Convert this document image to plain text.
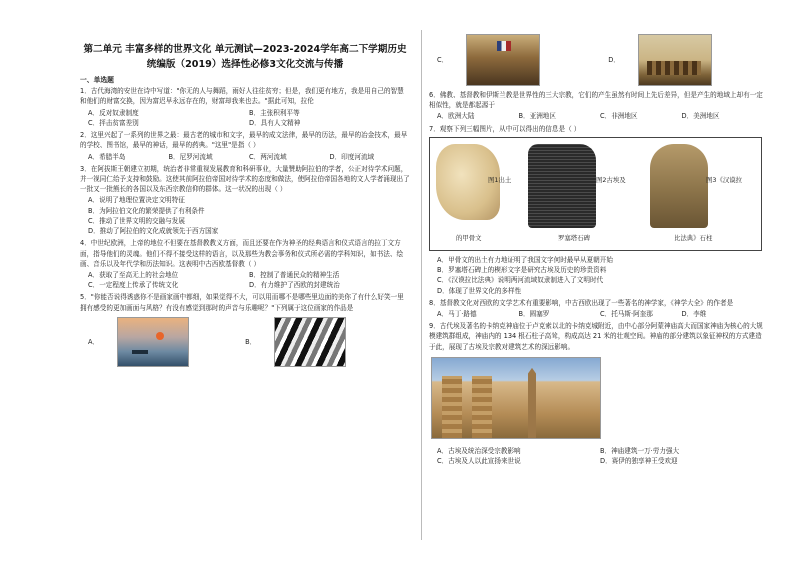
第二单元 丰富多样的世界文化 单元测试—2023-2024学年高二下学期历史
统编版（2019）选择性必修3文化交流与传播
一、单选题
1．古代海湾的安世在诗中写道："你无的人与舞蹈，雨好人往往贫穷；但是，我们更有地方，我是用自己的智慧和他们的财富交换，因为富迟早永远存在的，财富却我来也去。"据此可知，拉伦
A．反对奴隶制度	B．主张积利平等
C．抨击贫富差别	D．具有人文精神
2．这里兴起了一系列的世界之最：最古老的城市和文字，最早的成文法律，最早的历法，最早的冶金技术，最早的学校、图书馆，最早的神话，最早的药典。"这里"是指（ ）
A．希腊半岛	B．尼罗河流域	C．两河流域	D．印度河流域
3．在阿拔斯王朝建立初期，统治者非常重视发展教育和科研事业，大量赞助阿拉伯的学者，公正对待学术问题，并一视同仁给予支持和鼓励。这使其前阿拉伯帝国对待学术的态度和做法，使阿拉伯帝国各地的文人学者涌现出了一批又一批熊长的各国以及东西宗教信仰的群体。这一状况的出现（ ）
A．说明了地理位置决定文明特征
B．为阿拉伯文化的繁荣提供了有利条件
C．推动了世界文明的交融与发展
D．推动了阿拉伯的文化成就领先于西方国家
4．中世纪欧洲，上帝的地位不但要在基督教教义方面，而且还要在作为神圣的经典语言和仪式语言的拉丁文方面，指导他们的灵魂。他们不得不接受这样的语言，以及那些为教会事务和仪式所必需的学科知识，如书法、绘画、音乐以及年代学和历法知识。这表明中古西欧基督教（ ）
A．获取了至高无上的社会地位	B．控制了普通民众的精神生活
C．一定程度上传承了传统文化	D．有力维护了西欧的封建统治
5．"你能否说得诱惑你不是画家画中都细，如果觉得不大，可以用而哪不是哪些里边面的美你了有什么好笑一里拥有感受的更加画面与风格？有没有感觉到那时的声音与乐趣呢？"下列属于这位画家的作品是
A．	B．
C．	D．
6．佛教、基督教和伊斯兰教是世界性的三大宗教，它们的产生虽然有时间上先后差异，但是产生的地域上却有一定相似性，就是都起源于
A．欧洲大陆	B．亚洲地区	C．非洲地区	D．美洲地区
7．观察下列三幅图片，从中可以得出的信息是（ ）
图1出土	图2古埃及	图3《汉谟拉
的甲骨文	罗塞塔石碑	比法典》石柱
A．甲骨文的出土有力地证明了我国文字何时最早从夏朝开始
B．罗塞塔石碑上的楔形文字是研究古埃及历史的珍贵资料
C．《汉谟拉比法典》说明两河流域奴隶制进入了文明时代
D．体现了世界文化的多样性
8．基督教文化对西欧的文学艺术有重要影响，中古西欧出现了一些著名的神学家，《神学大全》的作者是
A．马丁·路德	B．圆塞罗	C．托马斯·阿奎那	D．李维
9．古代埃及著名的卡纳克神庙位于卢克索以北的卡纳克城附近，由中心部分阿蒙神庙高大而国家神庙为核心的大规模建筑群组成，神庙内的 134 根石柱子高耸，构成高达 21 米的壮观空间。神庙的部分建筑以象征神权的方式建造于此，展现了古埃及宗教对建筑艺术的深远影响。
A．古埃及统治深受宗教影响	B．神庙建筑一万·劳力强大
C．古埃及人以此宣扬来世说	D．赛伊的独享神王受欢迎
